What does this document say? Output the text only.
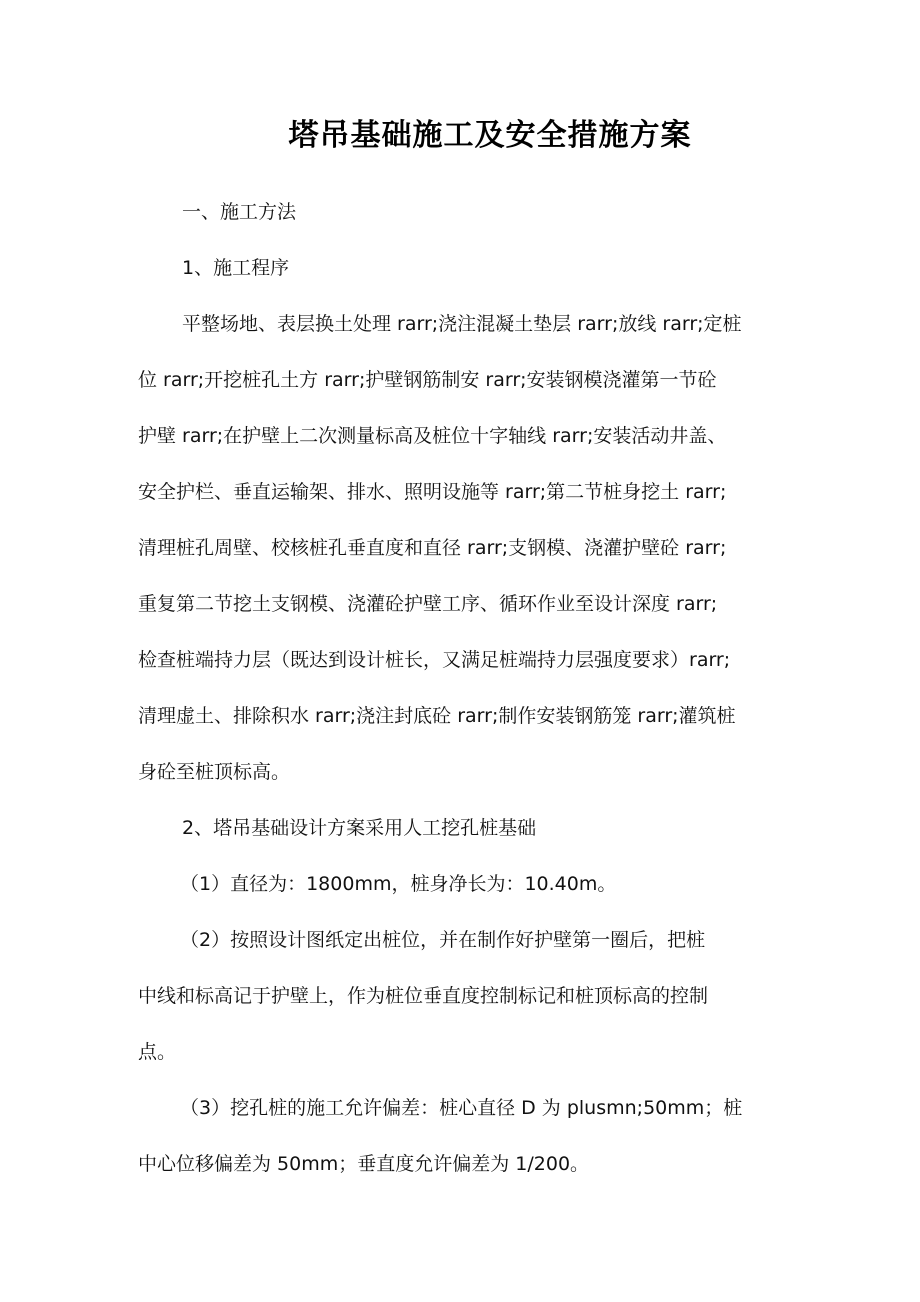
塔吊基础施工及安全措施方案
一、施工方法
1、施工程序
平整场地、表层换土处理 rarr;浇注混凝土垫层 rarr;放线 rarr;定桩
位 rarr;开挖桩孔土方 rarr;护壁钢筋制安 rarr;安装钢模浇灌第一节砼
护壁 rarr;在护壁上二次测量标高及桩位十字轴线 rarr;安装活动井盖、
安全护栏、垂直运输架、排水、照明设施等 rarr;第二节桩身挖土 rarr;
清理桩孔周壁、校核桩孔垂直度和直径 rarr;支钢模、浇灌护壁砼 rarr;
重复第二节挖土支钢模、浇灌砼护壁工序、循环作业至设计深度 rarr;
检查桩端持力层（既达到设计桩长，又满足桩端持力层强度要求）rarr;
清理虚土、排除积水 rarr;浇注封底砼 rarr;制作安装钢筋笼 rarr;灌筑桩
身砼至桩顶标高。
2、塔吊基础设计方案采用人工挖孔桩基础
（1）直径为：1800mm，桩身净长为：10.40m。
（2）按照设计图纸定出桩位，并在制作好护壁第一圈后，把桩
中线和标高记于护壁上，作为桩位垂直度控制标记和桩顶标高的控制
点。
（3）挖孔桩的施工允许偏差：桩心直径 D 为 plusmn;50mm；桩
中心位移偏差为 50mm；垂直度允许偏差为 1/200。
